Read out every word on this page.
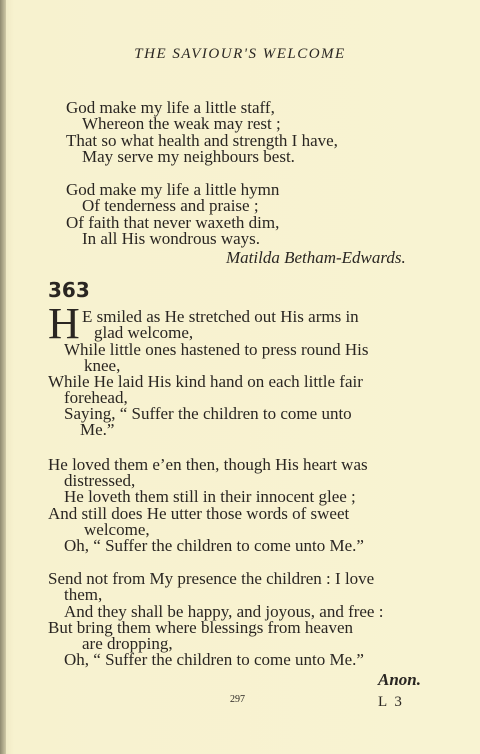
THE SAVIOUR'S WELCOME
God make my life a little staff,
Whereon the weak may rest ;
That so what health and strength I have,
May serve my neighbours best.
God make my life a little hymn
Of tenderness and praise ;
Of faith that never waxeth dim,
In all His wondrous ways.
Matilda Betham-Edwards.
363
H E smiled as He stretched out His arms in
glad welcome,
While little ones hastened to press round His
knee,
While He laid His kind hand on each little fair
forehead,
Saying, “ Suffer the children to come unto
Me.”
He loved them e’en then, though His heart was
distressed,
He loveth them still in their innocent glee ;
And still does He utter those words of sweet
welcome,
Oh, “ Suffer the children to come unto Me.”
Send not from My presence the children : I love
them,
And they shall be happy, and joyous, and free :
But bring them where blessings from heaven
are dropping,
Oh, “ Suffer the children to come unto Me.”
Anon.
297	L 3
